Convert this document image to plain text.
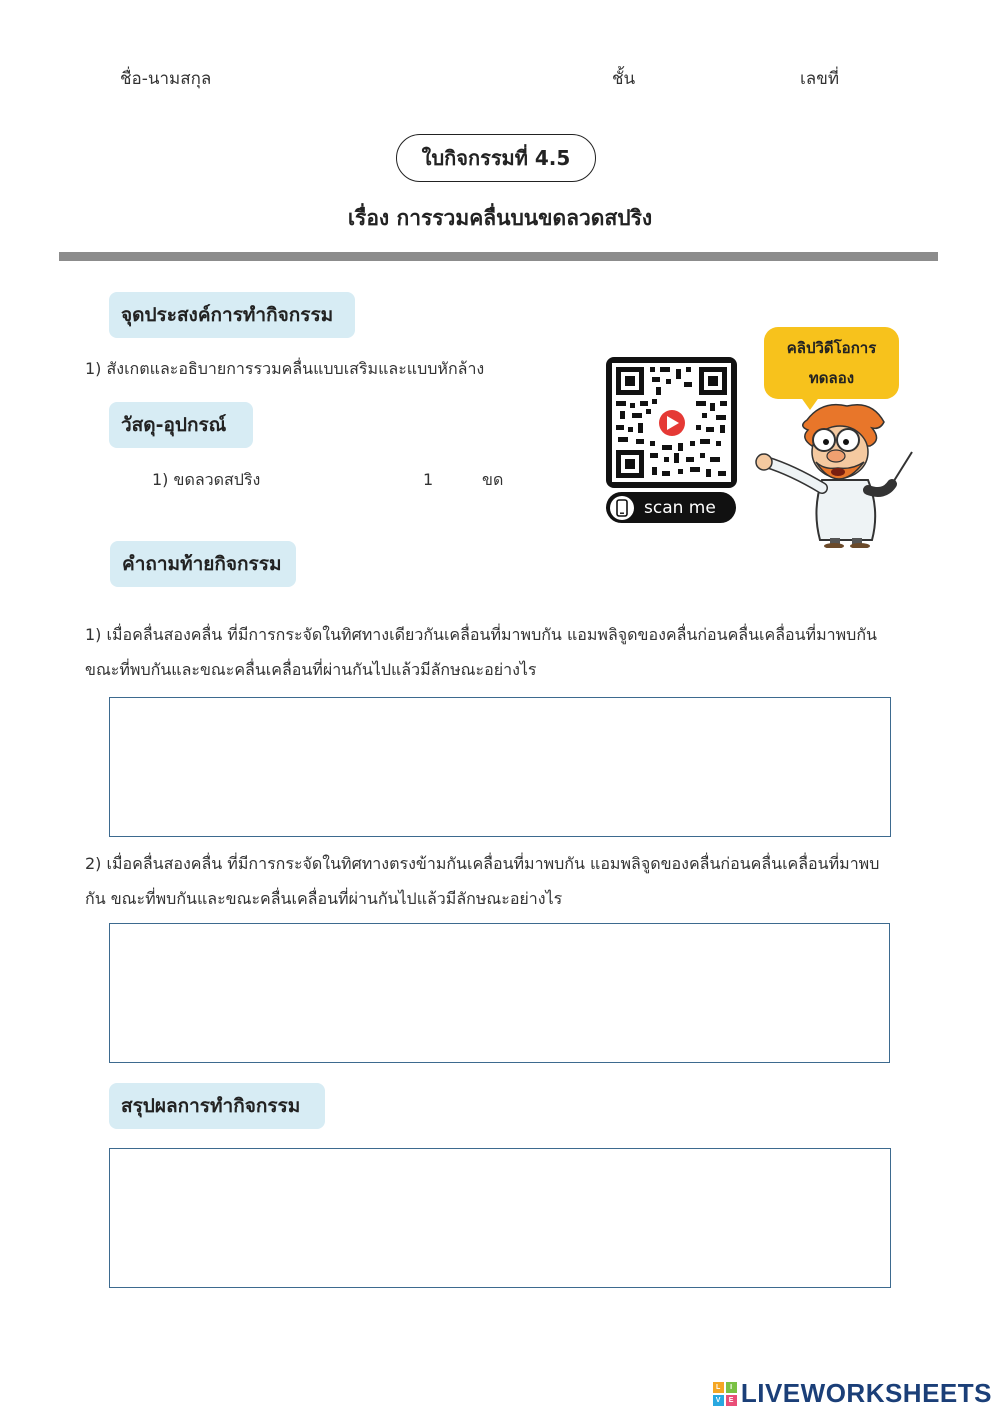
ชื่อ-นามสกุล	ชั้น	เลขที่
ใบกิจกรรมที่ 4.5
เรื่อง การรวมคลื่นบนขดลวดสปริง
จุดประสงค์การทำกิจกรรม
1) สังเกตและอธิบายการรวมคลื่นแบบเสริมและแบบหักล้าง
วัสดุ-อุปกรณ์
1) ขดลวดสปริง	1	ขด
scan me
คลิปวิดีโอการ
ทดลอง
คำถามท้ายกิจกรรม
1) เมื่อคลื่นสองคลื่น ที่มีการกระจัดในทิศทางเดียวกันเคลื่อนที่มาพบกัน แอมพลิจูดของคลื่นก่อนคลื่นเคลื่อนที่มาพบกัน
ขณะที่พบกันและขณะคลื่นเคลื่อนที่ผ่านกันไปแล้วมีลักษณะอย่างไร
2) เมื่อคลื่นสองคลื่น ที่มีการกระจัดในทิศทางตรงข้ามกันเคลื่อนที่มาพบกัน แอมพลิจูดของคลื่นก่อนคลื่นเคลื่อนที่มาพบ
กัน ขณะที่พบกันและขณะคลื่นเคลื่อนที่ผ่านกันไปแล้วมีลักษณะอย่างไร
สรุปผลการทำกิจกรรม
L	I
V	E LIVEWORKSHEETS
